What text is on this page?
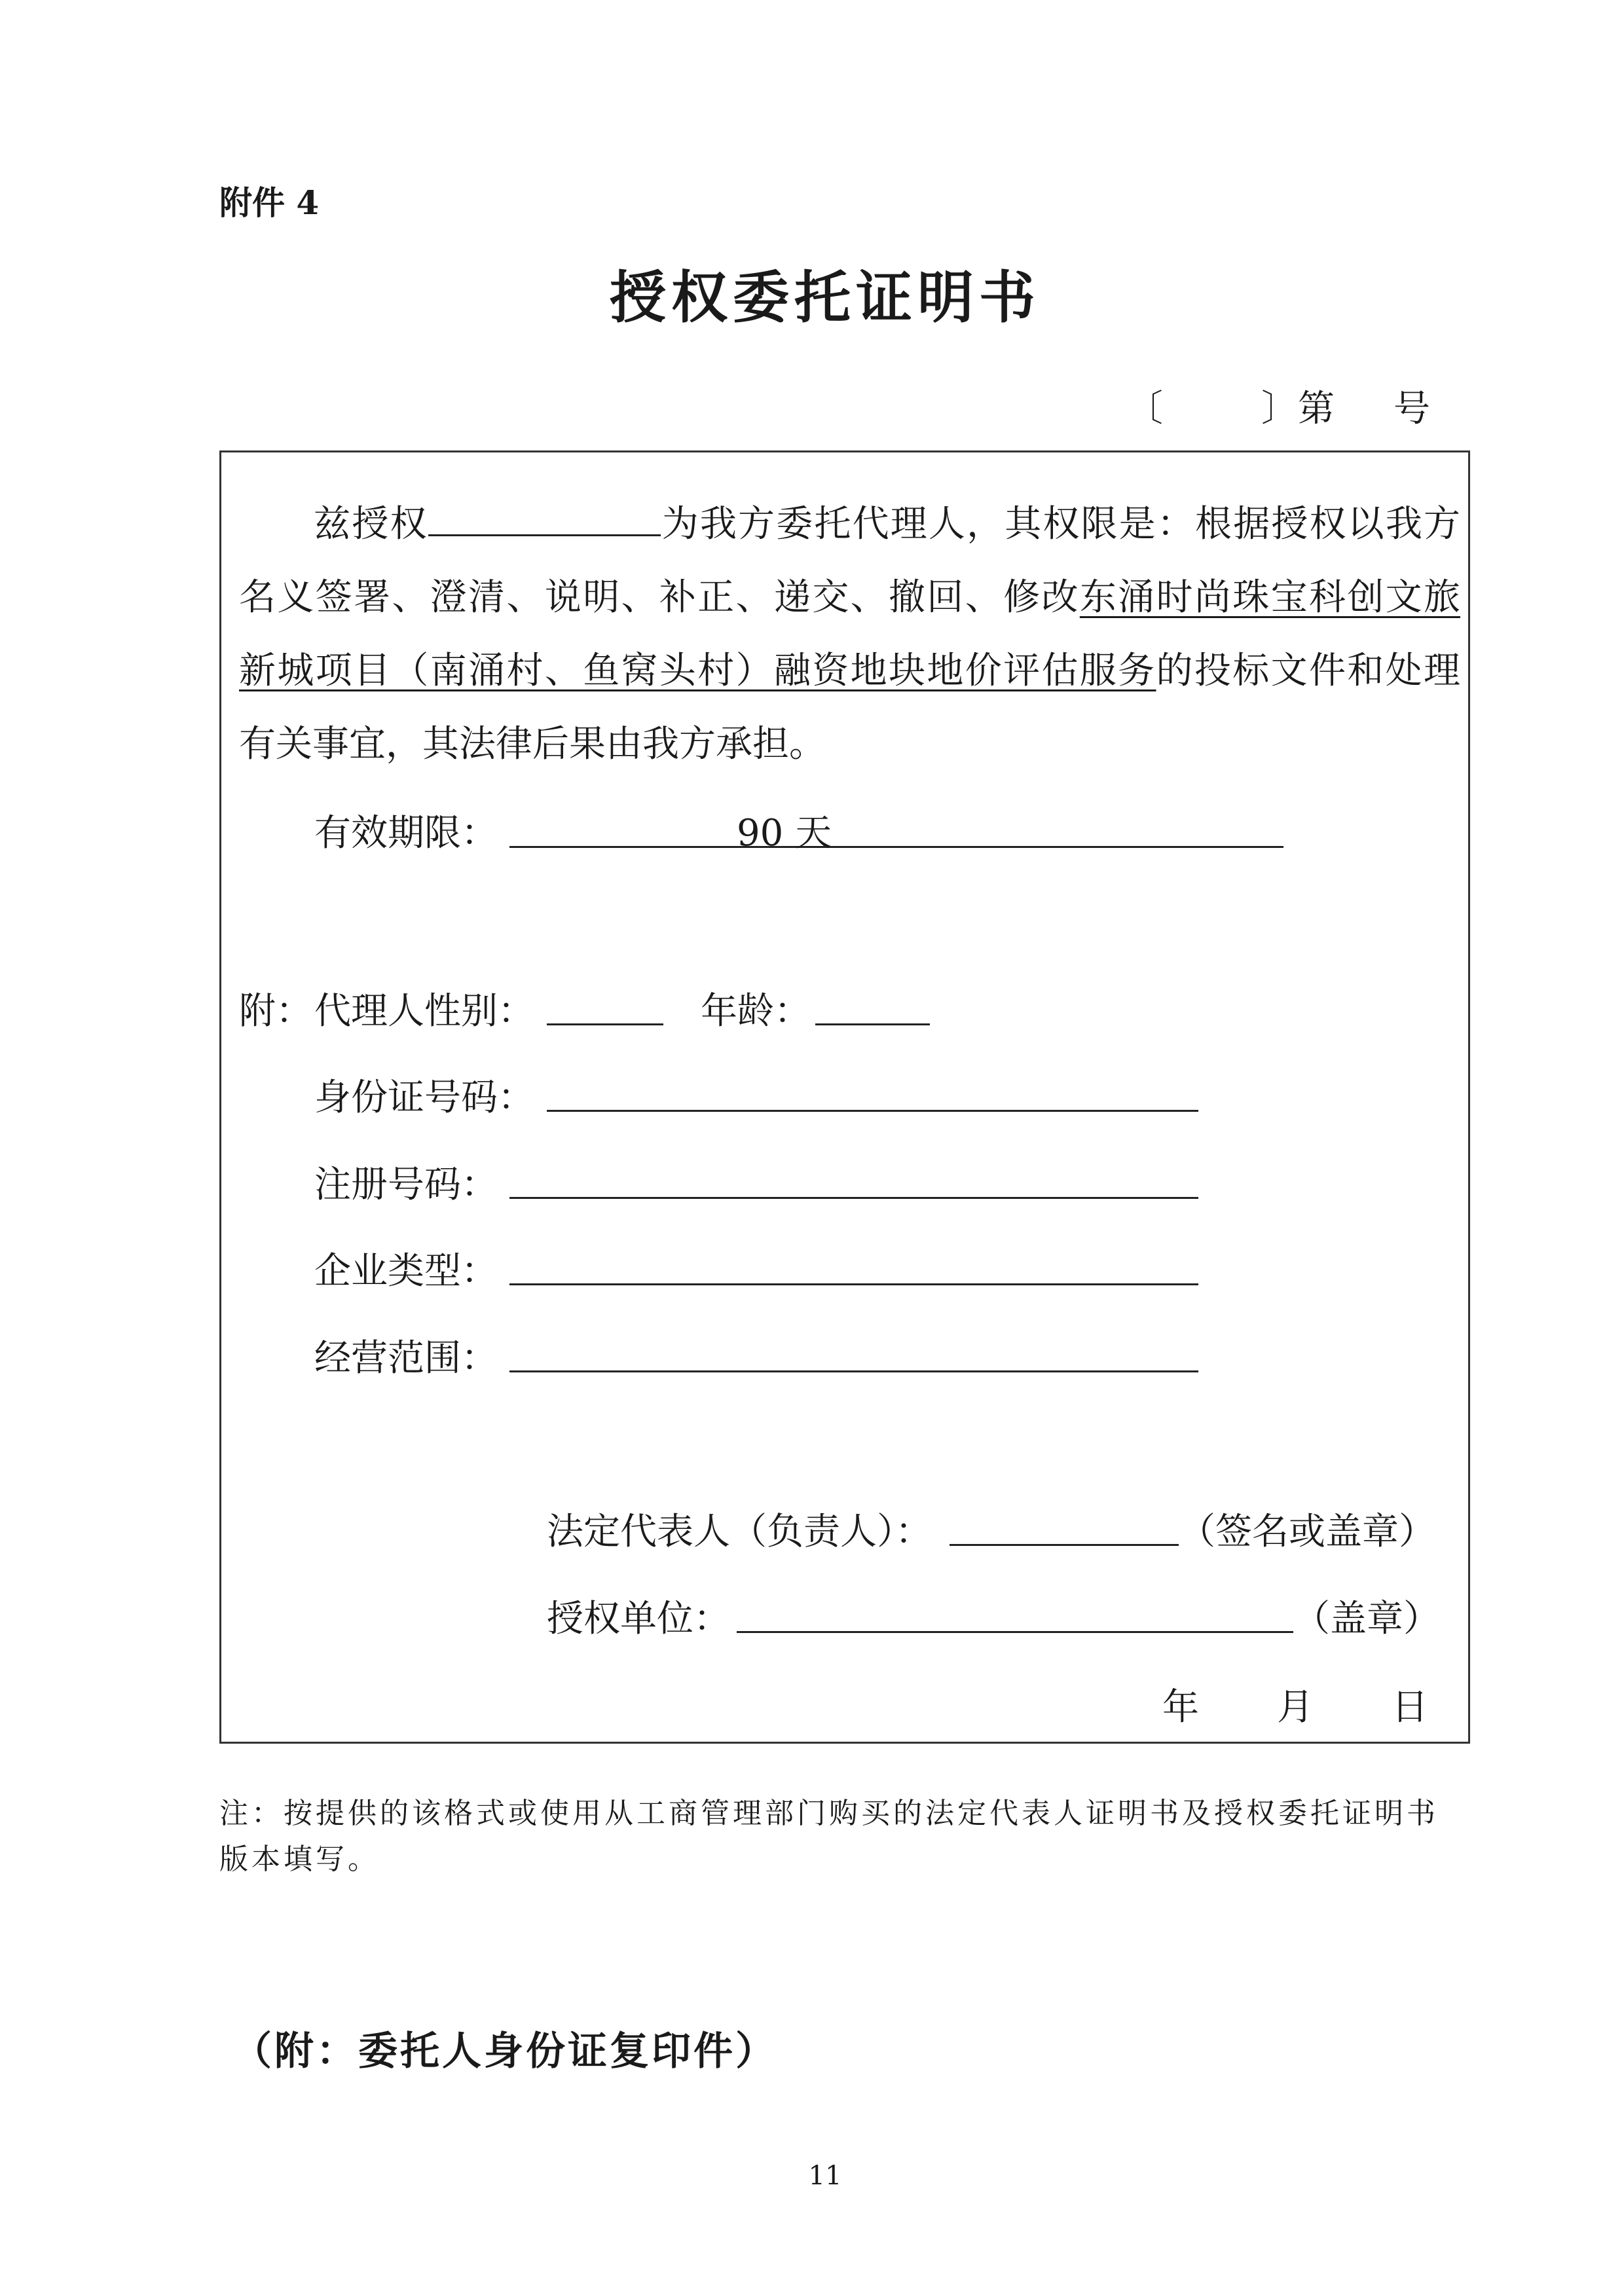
附件 4
授权委托证明书
〔	〕第 号
兹授权	为我方委托代理人，其权限是：根据授权以我方
名义签署、澄清、说明、补正、递交、撤回、修改东涌时尚珠宝科创文旅
新城项目（南涌村、鱼窝头村）融资地块地价评估服务的投标文件和处理
有关事宜，其法律后果由我方承担。
有效期限：	90 天
附： 代理人性别：	年龄：
身份证号码：
注册号码：
企业类型：
经营范围：
法定代表人（负责人）：	（签名或盖章）
授权单位：	（盖章）
年 月 日
注：按提供的该格式或使用从工商管理部门购买的法定代表人证明书及授权委托证明书版本填写。
（附：委托人身份证复印件）
11
